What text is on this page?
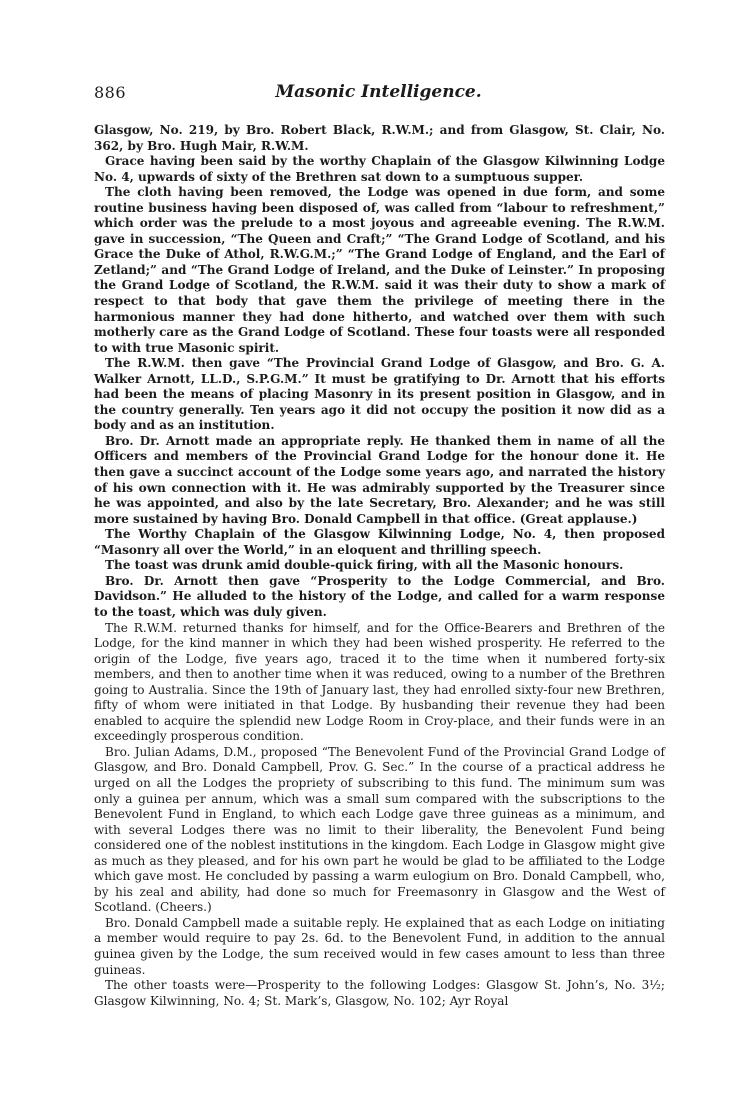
886	Masonic Intelligence.

Glasgow, No. 219, by Bro. Robert Black, R.W.M.; and from Glasgow, St. Clair, No. 362, by Bro. Hugh Mair, R.W.M.

Grace having been said by the worthy Chaplain of the Glasgow Kilwinning Lodge No. 4, upwards of sixty of the Brethren sat down to a sumptuous supper.

The cloth having been removed, the Lodge was opened in due form, and some routine business having been disposed of, was called from “labour to refreshment,” which order was the prelude to a most joyous and agreeable evening. The R.W.M. gave in succession, “The Queen and Craft;” “The Grand Lodge of Scotland, and his Grace the Duke of Athol, R.W.G.M.;” “The Grand Lodge of England, and the Earl of Zetland;” and “The Grand Lodge of Ireland, and the Duke of Leinster.” In proposing the Grand Lodge of Scotland, the R.W.M. said it was their duty to show a mark of respect to that body that gave them the privilege of meeting there in the harmonious manner they had done hitherto, and watched over them with such motherly care as the Grand Lodge of Scotland. These four toasts were all responded to with true Masonic spirit.

The R.W.M. then gave “The Provincial Grand Lodge of Glasgow, and Bro. G. A. Walker Arnott, LL.D., S.P.G.M.” It must be gratifying to Dr. Arnott that his efforts had been the means of placing Masonry in its present position in Glasgow, and in the country generally. Ten years ago it did not occupy the position it now did as a body and as an institution.

Bro. Dr. Arnott made an appropriate reply. He thanked them in name of all the Officers and members of the Provincial Grand Lodge for the honour done it. He then gave a succinct account of the Lodge some years ago, and narrated the history of his own connection with it. He was admirably supported by the Treasurer since he was appointed, and also by the late Secretary, Bro. Alexander; and he was still more sustained by having Bro. Donald Campbell in that office. (Great applause.)

The Worthy Chaplain of the Glasgow Kilwinning Lodge, No. 4, then proposed “Masonry all over the World,” in an eloquent and thrilling speech.

The toast was drunk amid double-quick firing, with all the Masonic honours.

Bro. Dr. Arnott then gave “Prosperity to the Lodge Commercial, and Bro. Davidson.” He alluded to the history of the Lodge, and called for a warm response to the toast, which was duly given.

The R.W.M. returned thanks for himself, and for the Office-Bearers and Brethren of the Lodge, for the kind manner in which they had been wished prosperity. He referred to the origin of the Lodge, five years ago, traced it to the time when it numbered forty-six members, and then to another time when it was reduced, owing to a number of the Brethren going to Australia. Since the 19th of January last, they had enrolled sixty-four new Brethren, fifty of whom were initiated in that Lodge. By husbanding their revenue they had been enabled to acquire the splendid new Lodge Room in Croy-place, and their funds were in an exceedingly prosperous condition.

Bro. Julian Adams, D.M., proposed “The Benevolent Fund of the Provincial Grand Lodge of Glasgow, and Bro. Donald Campbell, Prov. G. Sec.” In the course of a practical address he urged on all the Lodges the propriety of subscribing to this fund. The minimum sum was only a guinea per annum, which was a small sum compared with the subscriptions to the Benevolent Fund in England, to which each Lodge gave three guineas as a minimum, and with several Lodges there was no limit to their liberality, the Benevolent Fund being considered one of the noblest institutions in the kingdom. Each Lodge in Glasgow might give as much as they pleased, and for his own part he would be glad to be affiliated to the Lodge which gave most. He concluded by passing a warm eulogium on Bro. Donald Campbell, who, by his zeal and ability, had done so much for Freemasonry in Glasgow and the West of Scotland. (Cheers.)

Bro. Donald Campbell made a suitable reply. He explained that as each Lodge on initiating a member would require to pay 2s. 6d. to the Benevolent Fund, in addition to the annual guinea given by the Lodge, the sum received would in few cases amount to less than three guineas.

The other toasts were—Prosperity to the following Lodges: Glasgow St. John’s, No. 3½; Glasgow Kilwinning, No. 4; St. Mark’s, Glasgow, No. 102; Ayr Royal
